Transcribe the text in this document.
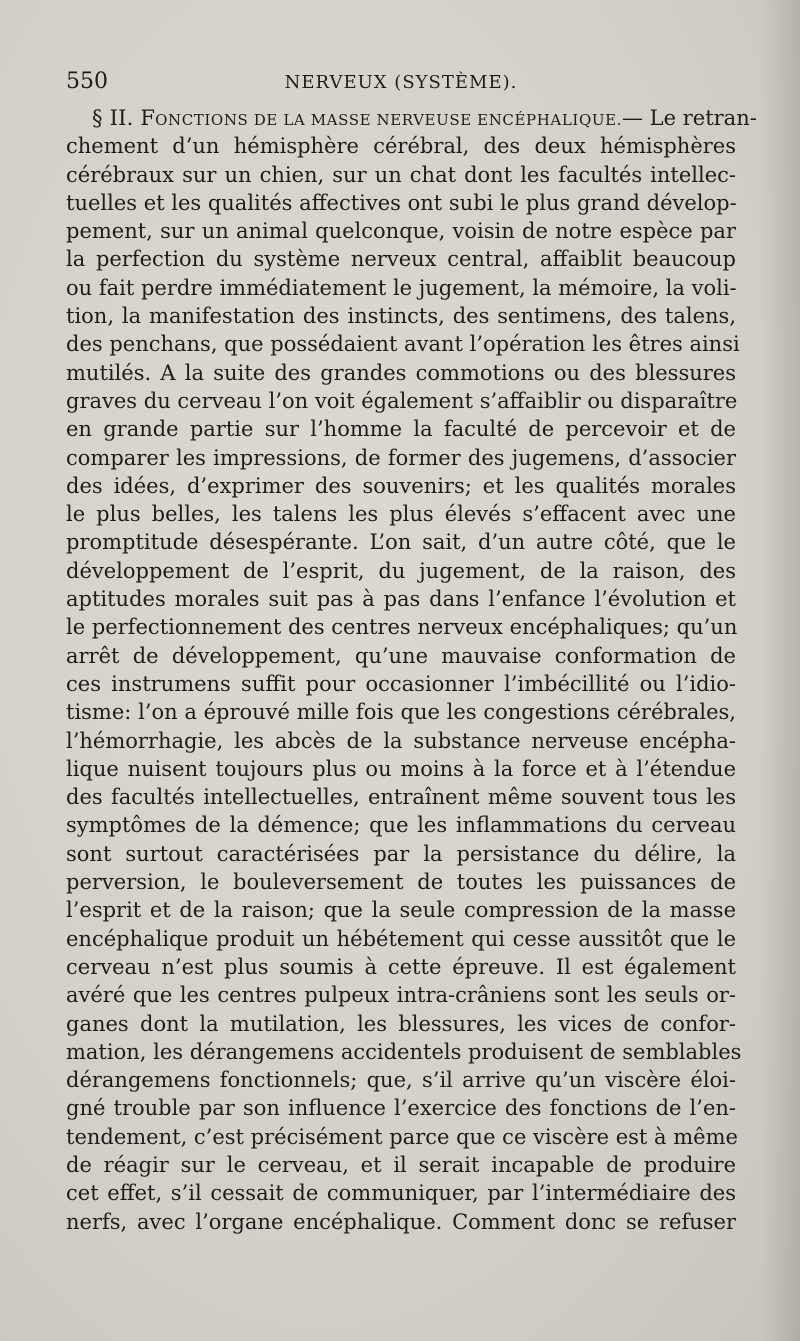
550	NERVEUX (SYSTÈME).
§ II. FONCTIONS DE LA MASSE NERVEUSE ENCÉPHALIQUE.— Le retran-
chement d’un hémisphère cérébral, des deux hémisphères
cérébraux sur un chien, sur un chat dont les facultés intellec-
tuelles et les qualités affectives ont subi le plus grand dévelop-
pement, sur un animal quelconque, voisin de notre espèce par
la perfection du système nerveux central, affaiblit beaucoup
ou fait perdre immédiatement le jugement, la mémoire, la voli-
tion, la manifestation des instincts, des sentimens, des talens,
des penchans, que possédaient avant l’opération les êtres ainsi
mutilés. A la suite des grandes commotions ou des blessures
graves du cerveau l’on voit également s’affaiblir ou disparaître
en grande partie sur l’homme la faculté de percevoir et de
comparer les impressions, de former des jugemens, d’associer
des idées, d’exprimer des souvenirs; et les qualités morales
le plus belles, les talens les plus élevés s’effacent avec une
promptitude désespérante. L’on sait, d’un autre côté, que le
développement de l’esprit, du jugement, de la raison, des
aptitudes morales suit pas à pas dans l’enfance l’évolution et
le perfectionnement des centres nerveux encéphaliques; qu’un
arrêt de développement, qu’une mauvaise conformation de
ces instrumens suffit pour occasionner l’imbécillité ou l’idio-
tisme: l’on a éprouvé mille fois que les congestions cérébrales,
l’hémorrhagie, les abcès de la substance nerveuse encépha-
lique nuisent toujours plus ou moins à la force et à l’étendue
des facultés intellectuelles, entraînent même souvent tous les
symptômes de la démence; que les inflammations du cerveau
sont surtout caractérisées par la persistance du délire, la
perversion, le bouleversement de toutes les puissances de
l’esprit et de la raison; que la seule compression de la masse
encéphalique produit un hébétement qui cesse aussitôt que le
cerveau n’est plus soumis à cette épreuve. Il est également
avéré que les centres pulpeux intra-crâniens sont les seuls or-
ganes dont la mutilation, les blessures, les vices de confor-
mation, les dérangemens accidentels produisent de semblables
dérangemens fonctionnels; que, s’il arrive qu’un viscère éloi-
gné trouble par son influence l’exercice des fonctions de l’en-
tendement, c’est précisément parce que ce viscère est à même
de réagir sur le cerveau, et il serait incapable de produire
cet effet, s’il cessait de communiquer, par l’intermédiaire des
nerfs, avec l’organe encéphalique. Comment donc se refuser
